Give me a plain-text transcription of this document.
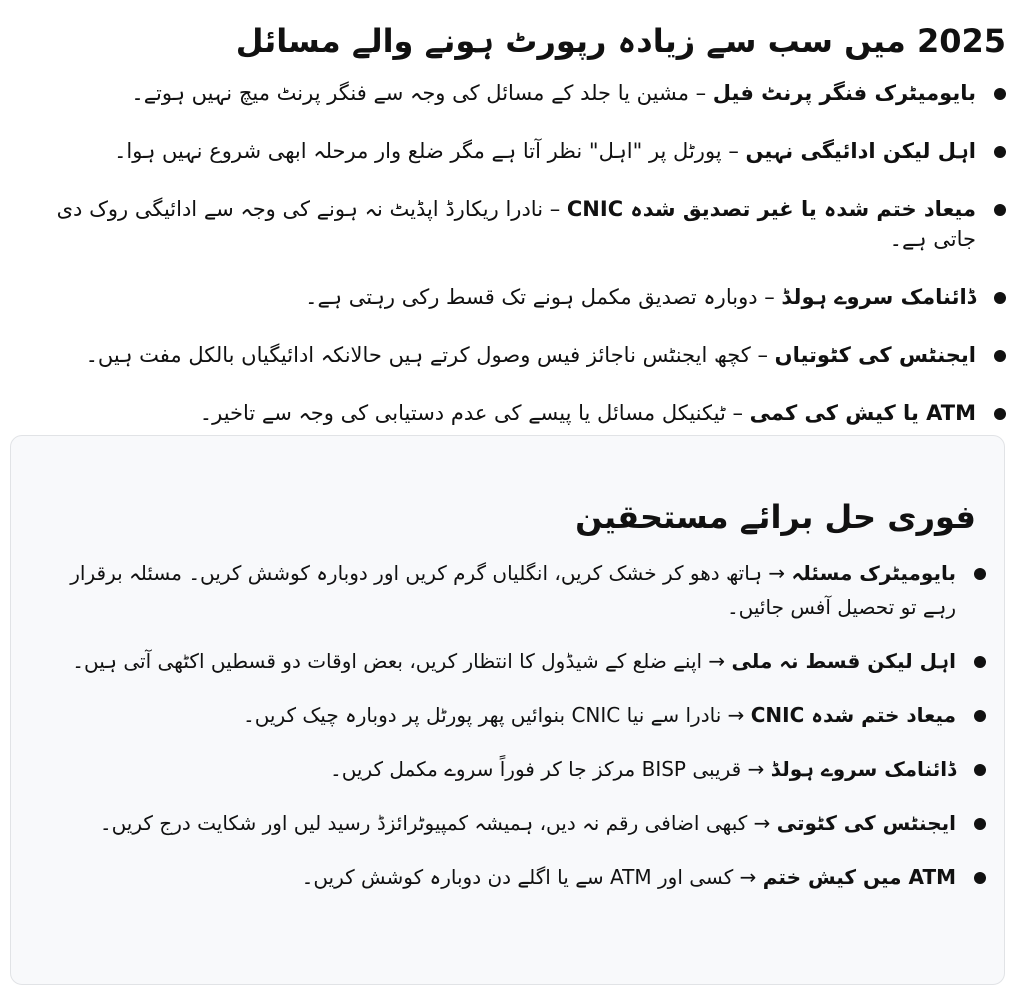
2025 میں سب سے زیادہ رپورٹ ہونے والے مسائل
بایومیٹرک فنگر پرنٹ فیل – مشین یا جلد کے مسائل کی وجہ سے فنگر پرنٹ میچ نہیں ہوتے۔
اہل لیکن ادائیگی نہیں – پورٹل پر "اہل" نظر آتا ہے مگر ضلع وار مرحلہ ابھی شروع نہیں ہوا۔
میعاد ختم شدہ یا غیر تصدیق شدہ CNIC – نادرا ریکارڈ اپڈیٹ نہ ہونے کی وجہ سے ادائیگی روک دی جاتی ہے۔
ڈائنامک سروے ہولڈ – دوبارہ تصدیق مکمل ہونے تک قسط رکی رہتی ہے۔
ایجنٹس کی کٹوتیاں – کچھ ایجنٹس ناجائز فیس وصول کرتے ہیں حالانکہ ادائیگیاں بالکل مفت ہیں۔
ATM یا کیش کی کمی – ٹیکنیکل مسائل یا پیسے کی عدم دستیابی کی وجہ سے تاخیر۔
فوری حل برائے مستحقین
بایومیٹرک مسئلہ → ہاتھ دھو کر خشک کریں، انگلیاں گرم کریں اور دوبارہ کوشش کریں۔ مسئلہ برقرار رہے تو تحصیل آفس جائیں۔
اہل لیکن قسط نہ ملی → اپنے ضلع کے شیڈول کا انتظار کریں، بعض اوقات دو قسطیں اکٹھی آتی ہیں۔
میعاد ختم شدہ CNIC → نادرا سے نیا CNIC بنوائیں پھر پورٹل پر دوبارہ چیک کریں۔
ڈائنامک سروے ہولڈ → قریبی BISP مرکز جا کر فوراً سروے مکمل کریں۔
ایجنٹس کی کٹوتی → کبھی اضافی رقم نہ دیں، ہمیشہ کمپیوٹرائزڈ رسید لیں اور شکایت درج کریں۔
ATM میں کیش ختم → کسی اور ATM سے یا اگلے دن دوبارہ کوشش کریں۔
